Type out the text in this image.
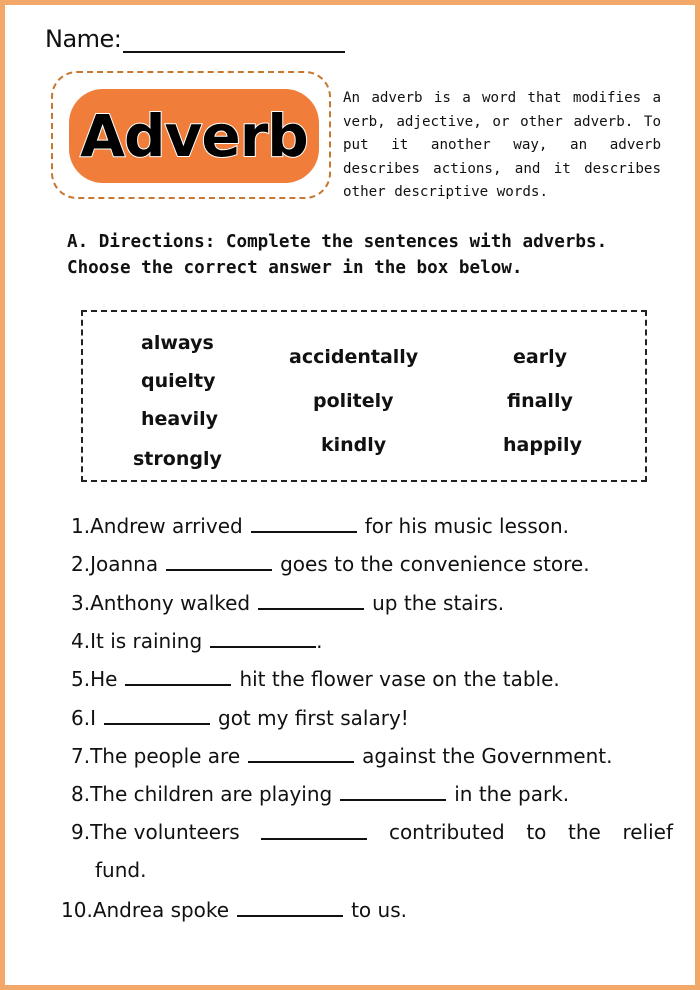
Name:
Adverb
An adverb is a word that modifies a verb, adjective, or other adverb. To put it another way, an adverb describes actions, and it describes other descriptive words.
A. Directions: Complete the sentences with adverbs.
Choose the correct answer in the box below.
always
quielty
heavily
strongly
accidentally
politely
kindly
early
finally
happily
1.Andrew arrived	for his music lesson.
2.Joanna	goes to the convenience store.
3.Anthony walked	up the stairs.
4.It is raining	.
5.He	hit the flower vase on the table.
6.I	got my first salary!
7.The people are	against the Government.
8.The children are playing	in the park.
9.The volunteers	contributed to the relief
fund.
10.Andrea spoke	to us.
